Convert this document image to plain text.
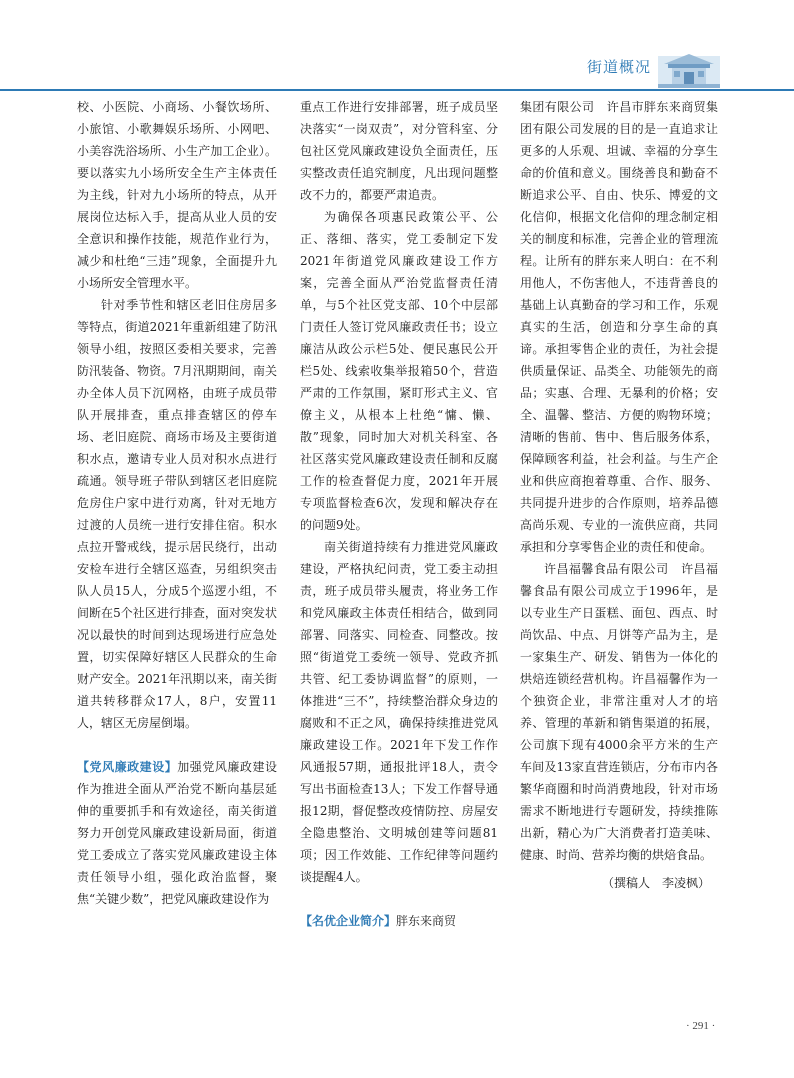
街道概况

校、小医院、小商场、小餐饮场所、小旅馆、小歌舞娱乐场所、小网吧、小美容洗浴场所、小生产加工企业）。要以落实九小场所安全生产主体责任为主线，针对九小场所的特点，从开展岗位达标入手，提高从业人员的安全意识和操作技能，规范作业行为，减少和杜绝“三违”现象，全面提升九小场所安全管理水平。

针对季节性和辖区老旧住房居多等特点，街道2021年重新组建了防汛领导小组，按照区委相关要求，完善防汛装备、物资。7月汛期期间，南关办全体人员下沉网格，由班子成员带队开展排查，重点排查辖区的停车场、老旧庭院、商场市场及主要街道积水点，邀请专业人员对积水点进行疏通。领导班子带队到辖区老旧庭院危房住户家中进行劝离，针对无地方过渡的人员统一进行安排住宿。积水点拉开警戒线，提示居民绕行，出动安检车进行全辖区巡查，另组织突击队人员15人，分成5个巡逻小组，不间断在5个社区进行排查，面对突发状况以最快的时间到达现场进行应急处置，切实保障好辖区人民群众的生命财产安全。2021年汛期以来，南关街道共转移群众17人，8户，安置11人，辖区无房屋倒塌。

【党风廉政建设】加强党风廉政建设作为推进全面从严治党不断向基层延伸的重要抓手和有效途径，南关街道努力开创党风廉政建设新局面，街道党工委成立了落实党风廉政建设主体责任领导小组，强化政治监督，聚焦“关键少数”，把党风廉政建设作为

重点工作进行安排部署，班子成员坚决落实“一岗双责”，对分管科室、分包社区党风廉政建设负全面责任，压实整改责任追究制度，凡出现问题整改不力的，都要严肃追责。

为确保各项惠民政策公平、公正、落细、落实，党工委制定下发2021年街道党风廉政建设工作方案，完善全面从严治党监督责任清单，与5个社区党支部、10个中层部门责任人签订党风廉政责任书；设立廉洁从政公示栏5处、便民惠民公开栏5处、线索收集举报箱50个，营造严肃的工作氛围，紧盯形式主义、官僚主义，从根本上杜绝“慵、懒、散”现象，同时加大对机关科室、各社区落实党风廉政建设责任制和反腐工作的检查督促力度，2021年开展专项监督检查6次，发现和解决存在的问题9处。

南关街道持续有力推进党风廉政建设，严格执纪问责，党工委主动担责，班子成员带头履责，将业务工作和党风廉政主体责任相结合，做到同部署、同落实、同检查、同整改。按照“街道党工委统一领导、党政齐抓共管、纪工委协调监督”的原则，一体推进“三不”，持续整治群众身边的腐败和不正之风，确保持续推进党风廉政建设工作。2021年下发工作作风通报57期，通报批评18人，责令写出书面检查13人；下发工作督导通报12期，督促整改疫情防控、房屋安全隐患整治、文明城创建等问题81项；因工作效能、工作纪律等问题约谈提醒4人。

【名优企业简介】胖东来商贸

集团有限公司　许昌市胖东来商贸集团有限公司发展的目的是一直追求让更多的人乐观、坦诚、幸福的分享生命的价值和意义。围绕善良和勤奋不断追求公平、自由、快乐、博爱的文化信仰，根据文化信仰的理念制定相关的制度和标准，完善企业的管理流程。让所有的胖东来人明白：在不利用他人，不伤害他人，不违背善良的基础上认真勤奋的学习和工作，乐观真实的生活，创造和分享生命的真谛。承担零售企业的责任，为社会提供质量保证、品类全、功能领先的商品；实惠、合理、无暴利的价格；安全、温馨、整洁、方便的购物环境；清晰的售前、售中、售后服务体系，保障顾客利益，社会利益。与生产企业和供应商抱着尊重、合作、服务、共同提升进步的合作原则，培养品德高尚乐观、专业的一流供应商，共同承担和分享零售企业的责任和使命。

许昌福馨食品有限公司　许昌福馨食品有限公司成立于1996年，是以专业生产日蛋糕、面包、西点、时尚饮品、中点、月饼等产品为主，是一家集生产、研发、销售为一体化的烘焙连锁经营机构。许昌福馨作为一个独资企业，非常注重对人才的培养、管理的革新和销售渠道的拓展，公司旗下现有4000余平方米的生产车间及13家直营连锁店，分布市内各繁华商圈和时尚消费地段，针对市场需求不断地进行专题研发，持续推陈出新，精心为广大消费者打造美味、健康、时尚、营养均衡的烘焙食品。

（撰稿人　李凌枫）

· 291 ·
